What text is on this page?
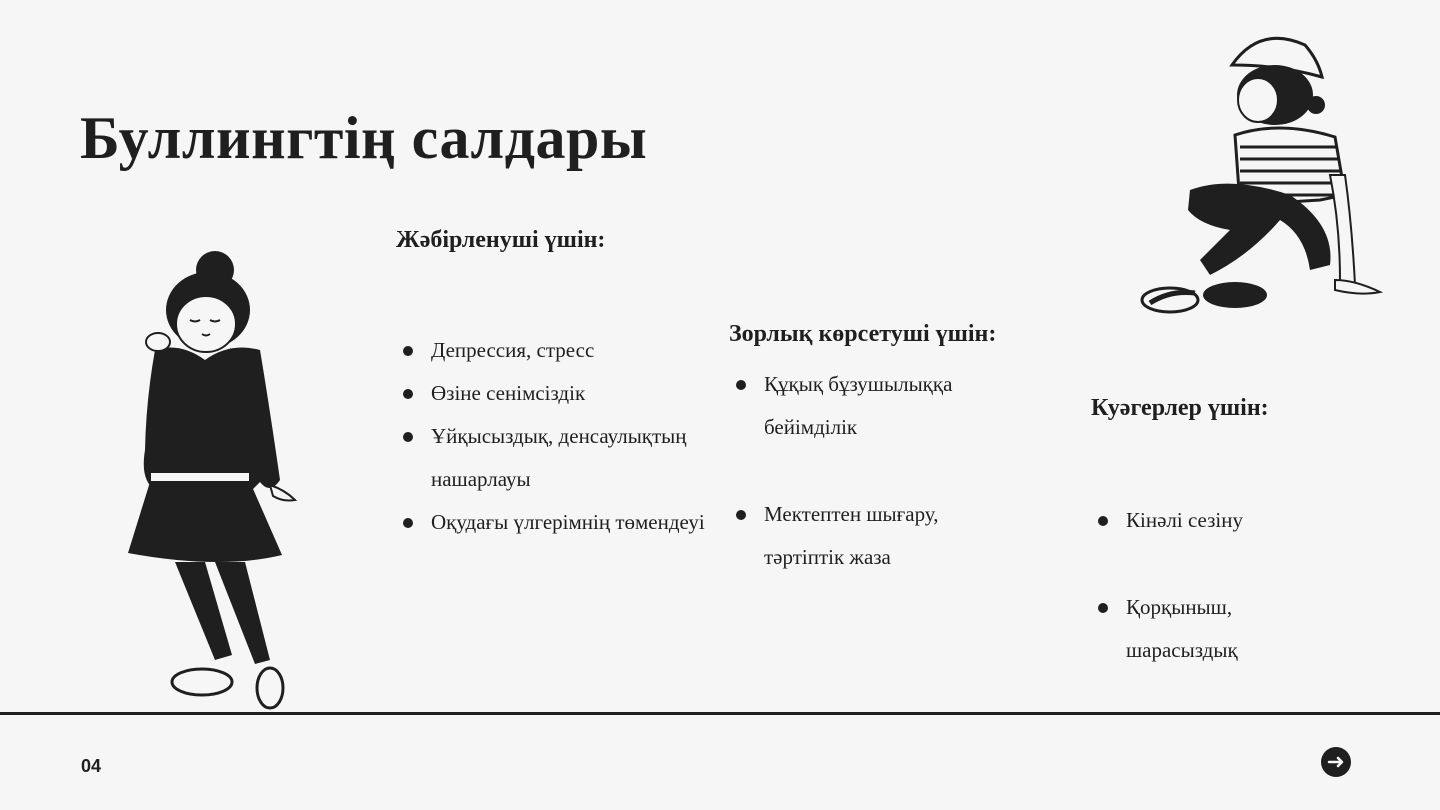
Буллингтің салдары
Жәбірленуші үшін:
Депрессия, стресс
Өзіне сенімсіздік
Ұйқысыздық, денсаулықтың нашарлауы
Оқудағы үлгерімнің төмендеуі
Зорлық көрсетуші үшін:
Құқық бұзушылыққа бейімділік
Мектептен шығару, тәртіптік жаза
Куәгерлер үшін:
Кінәлі сезіну
Қорқыныш, шарасыздық
04
